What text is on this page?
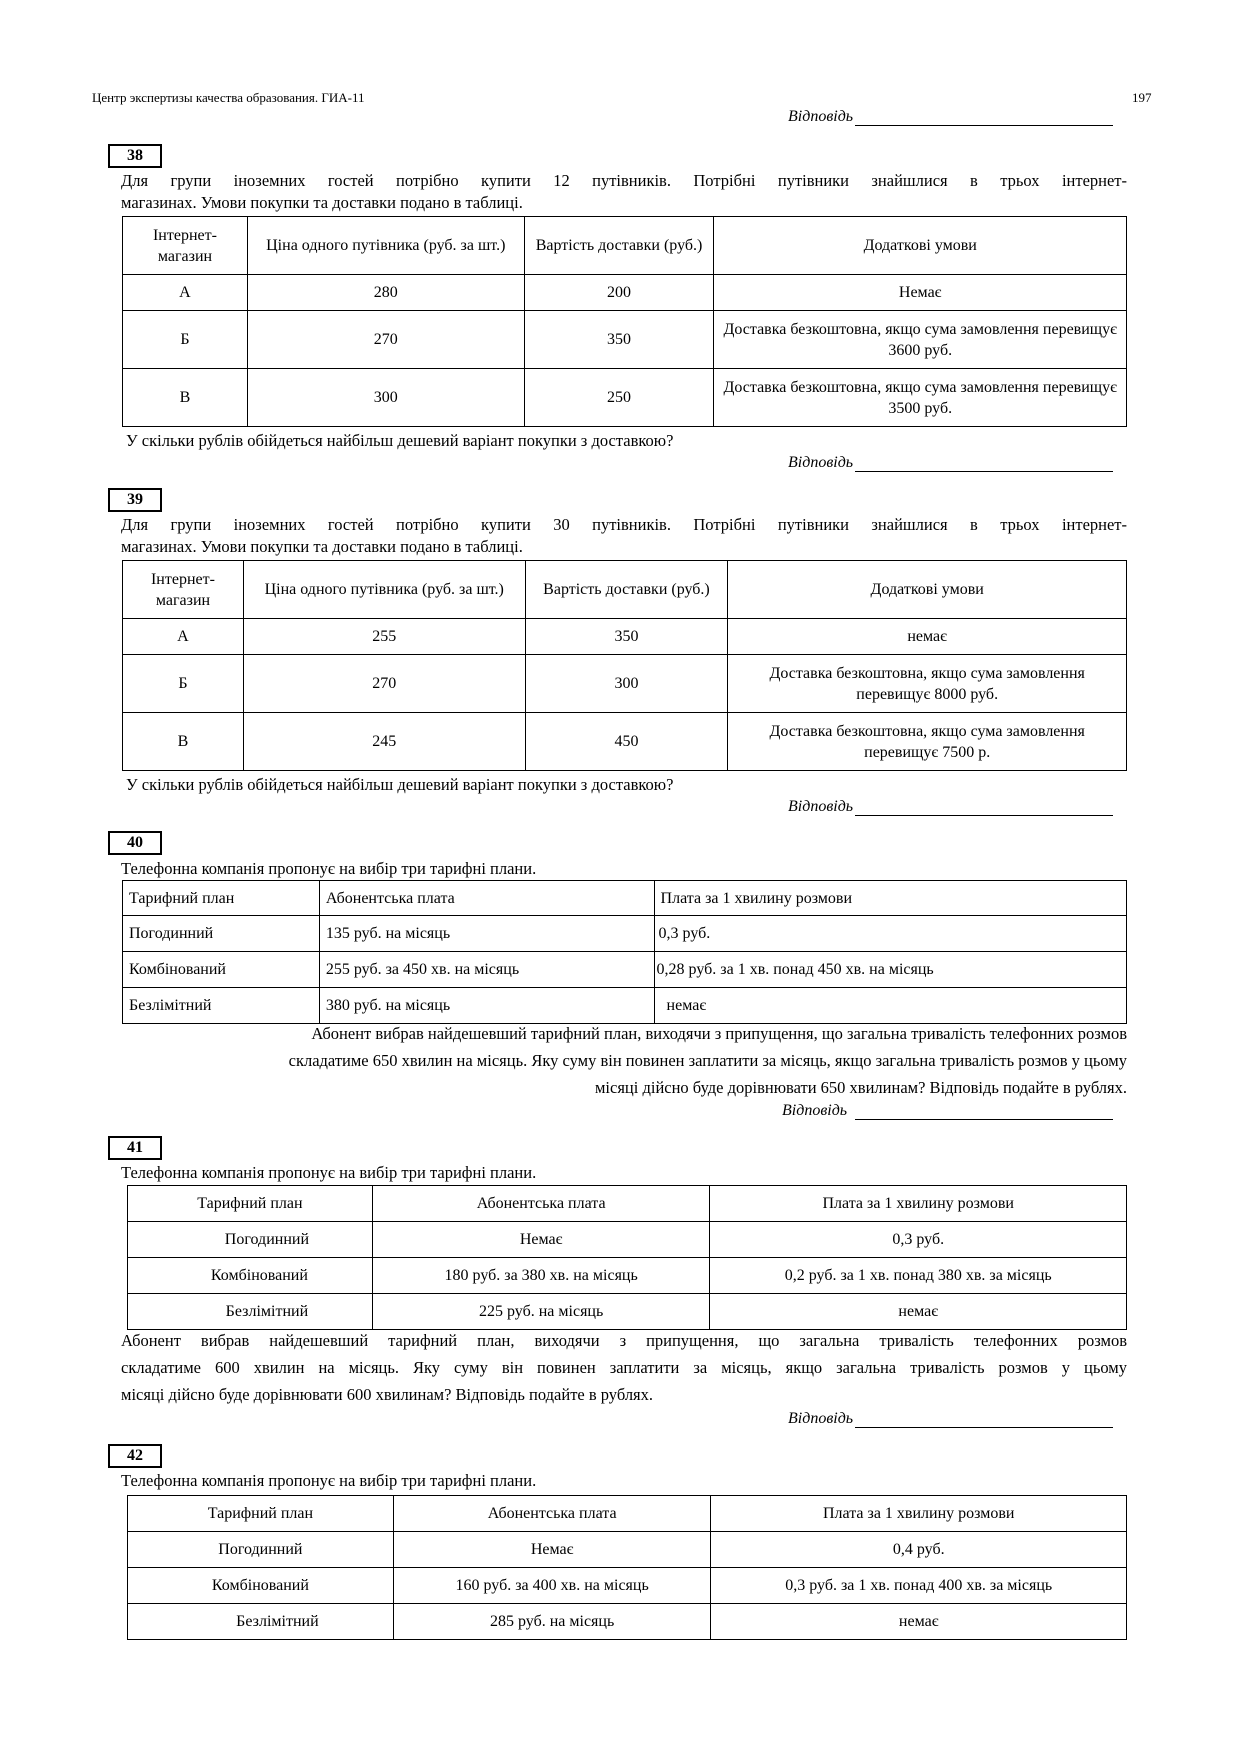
Центр экспертизы качества образования. ГИА-11	197
Відповідь
38
Для групи іноземних гостей потрібно купити 12 путівників. Потрібні путівники знайшлися в трьох інтернет-
магазинах. Умови покупки та доставки подано в таблиці.
Інтернет-магазин	Ціна одного путівника (руб. за шт.)	Вартість доставки (руб.)	Додаткові умови
А	280	200	Немає
Б	270	350	Доставка безкоштовна, якщо сума замовлення перевищує 3600 руб.
В	300	250	Доставка безкоштовна, якщо сума замовлення перевищує 3500 руб.
У скільки рублів обійдеться найбільш дешевий варіант покупки з доставкою?
Відповідь
39
Для групи іноземних гостей потрібно купити 30 путівників. Потрібні путівники знайшлися в трьох інтернет-
магазинах. Умови покупки та доставки подано в таблиці.
Інтернет-магазин	Ціна одного путівника (руб. за шт.)	Вартість доставки (руб.)	Додаткові умови
А	255	350	немає
Б	270	300	Доставка безкоштовна, якщо сума замовлення перевищує 8000 руб.
В	245	450	Доставка безкоштовна, якщо сума замовлення перевищує 7500 р.
У скільки рублів обійдеться найбільш дешевий варіант покупки з доставкою?
Відповідь
40
Телефонна компанія пропонує на вибір три тарифні плани.
Тарифний план	Абонентська плата	Плата за 1 хвилину розмови
Погодинний	135 руб. на місяць	0,3 руб.
Комбінований	255 руб. за 450 хв. на місяць	0,28 руб. за 1 хв. понад 450 хв. на місяць
Безлімітний	380 руб. на місяць	немає
Абонент вибрав найдешевший тарифний план, виходячи з припущення, що загальна тривалість телефонних розмов
складатиме 650 хвилин на місяць. Яку суму він повинен заплатити за місяць, якщо загальна тривалість розмов у цьому
місяці дійсно буде дорівнювати 650 хвилинам? Відповідь подайте в рублях.
Відповідь
41
Телефонна компанія пропонує на вибір три тарифні плани.
Тарифний план	Абонентська плата	Плата за 1 хвилину розмови
Погодинний	Немає	0,3 руб.
Комбінований	180 руб. за 380 хв. на місяць	0,2 руб. за 1 хв. понад 380 хв. за місяць
Безлімітний	225 руб. на місяць	немає
Абонент вибрав найдешевший тарифний план, виходячи з припущення, що загальна тривалість телефонних розмов
складатиме 600 хвилин на місяць. Яку суму він повинен заплатити за місяць, якщо загальна тривалість розмов у цьому
місяці дійсно буде дорівнювати 600 хвилинам? Відповідь подайте в рублях.
Відповідь
42
Телефонна компанія пропонує на вибір три тарифні плани.
Тарифний план	Абонентська плата	Плата за 1 хвилину розмови
Погодинний	Немає	0,4 руб.
Комбінований	160 руб. за 400 хв. на місяць	0,3 руб. за 1 хв. понад 400 хв. за місяць
Безлімітний	285 руб. на місяць	немає
